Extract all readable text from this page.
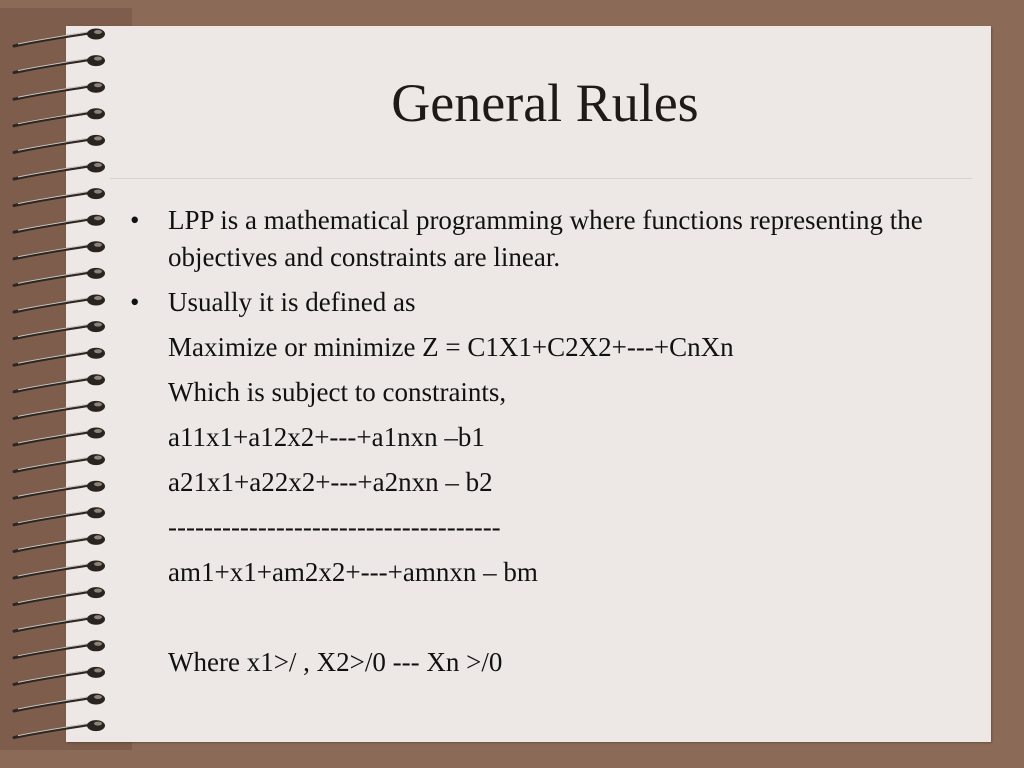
General Rules
• LPP is a mathematical programming where functions representing the objectives and constraints are linear.
• Usually it is defined as
Maximize or minimize Z = C1X1+C2X2+---+CnXn
Which is subject to constraints,
a11x1+a12x2+---+a1nxn –b1
a21x1+a22x2+---+a2nxn – b2
-------------------------------------
am1+x1+am2x2+---+amnxn – bm
Where x1>/ , X2>/0 --- Xn >/0
